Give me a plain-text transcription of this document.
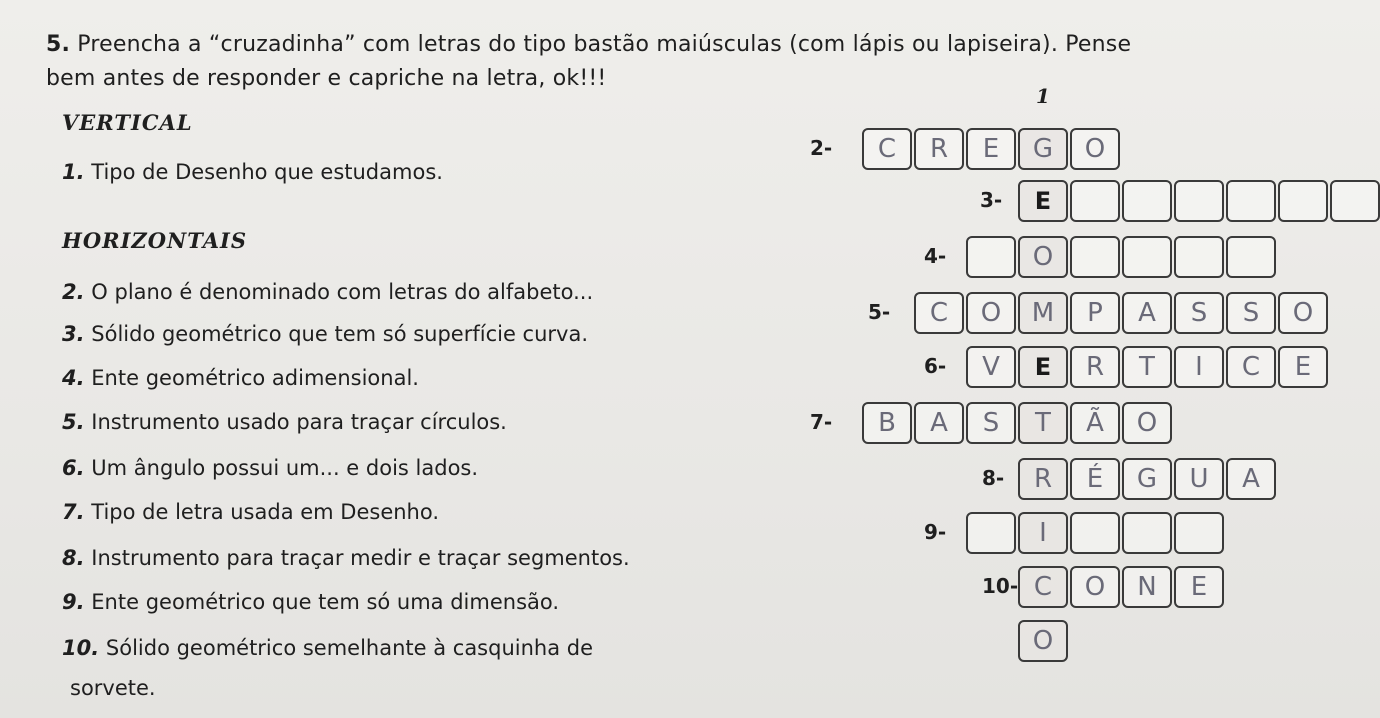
5. Preencha a “cruzadinha” com letras do tipo bastão maiúsculas (com lápis ou lapiseira). Pense
bem antes de responder e capriche na letra, ok!!!
VERTICAL
1. Tipo de Desenho que estudamos.
HORIZONTAIS
2. O plano é denominado com letras do alfabeto...
3. Sólido geométrico que tem só superfície curva.
4. Ente geométrico adimensional.
5. Instrumento usado para traçar círculos.
6. Um ângulo possui um... e dois lados.
7. Tipo de letra usada em Desenho.
8. Instrumento para traçar medir e traçar segmentos.
9. Ente geométrico que tem só uma dimensão.
10. Sólido geométrico semelhante à casquinha de
sorvete.
1
2-	C	R	E	G	O
3-	E
4-	O
5-	C	O	M	P	A	S	S	O
6-	V	E	R	T	I	C	E
7-	B	A	S	T	Ã	O
8-	R	É	G	U	A
9-	I
10- C	O	N	E
O
